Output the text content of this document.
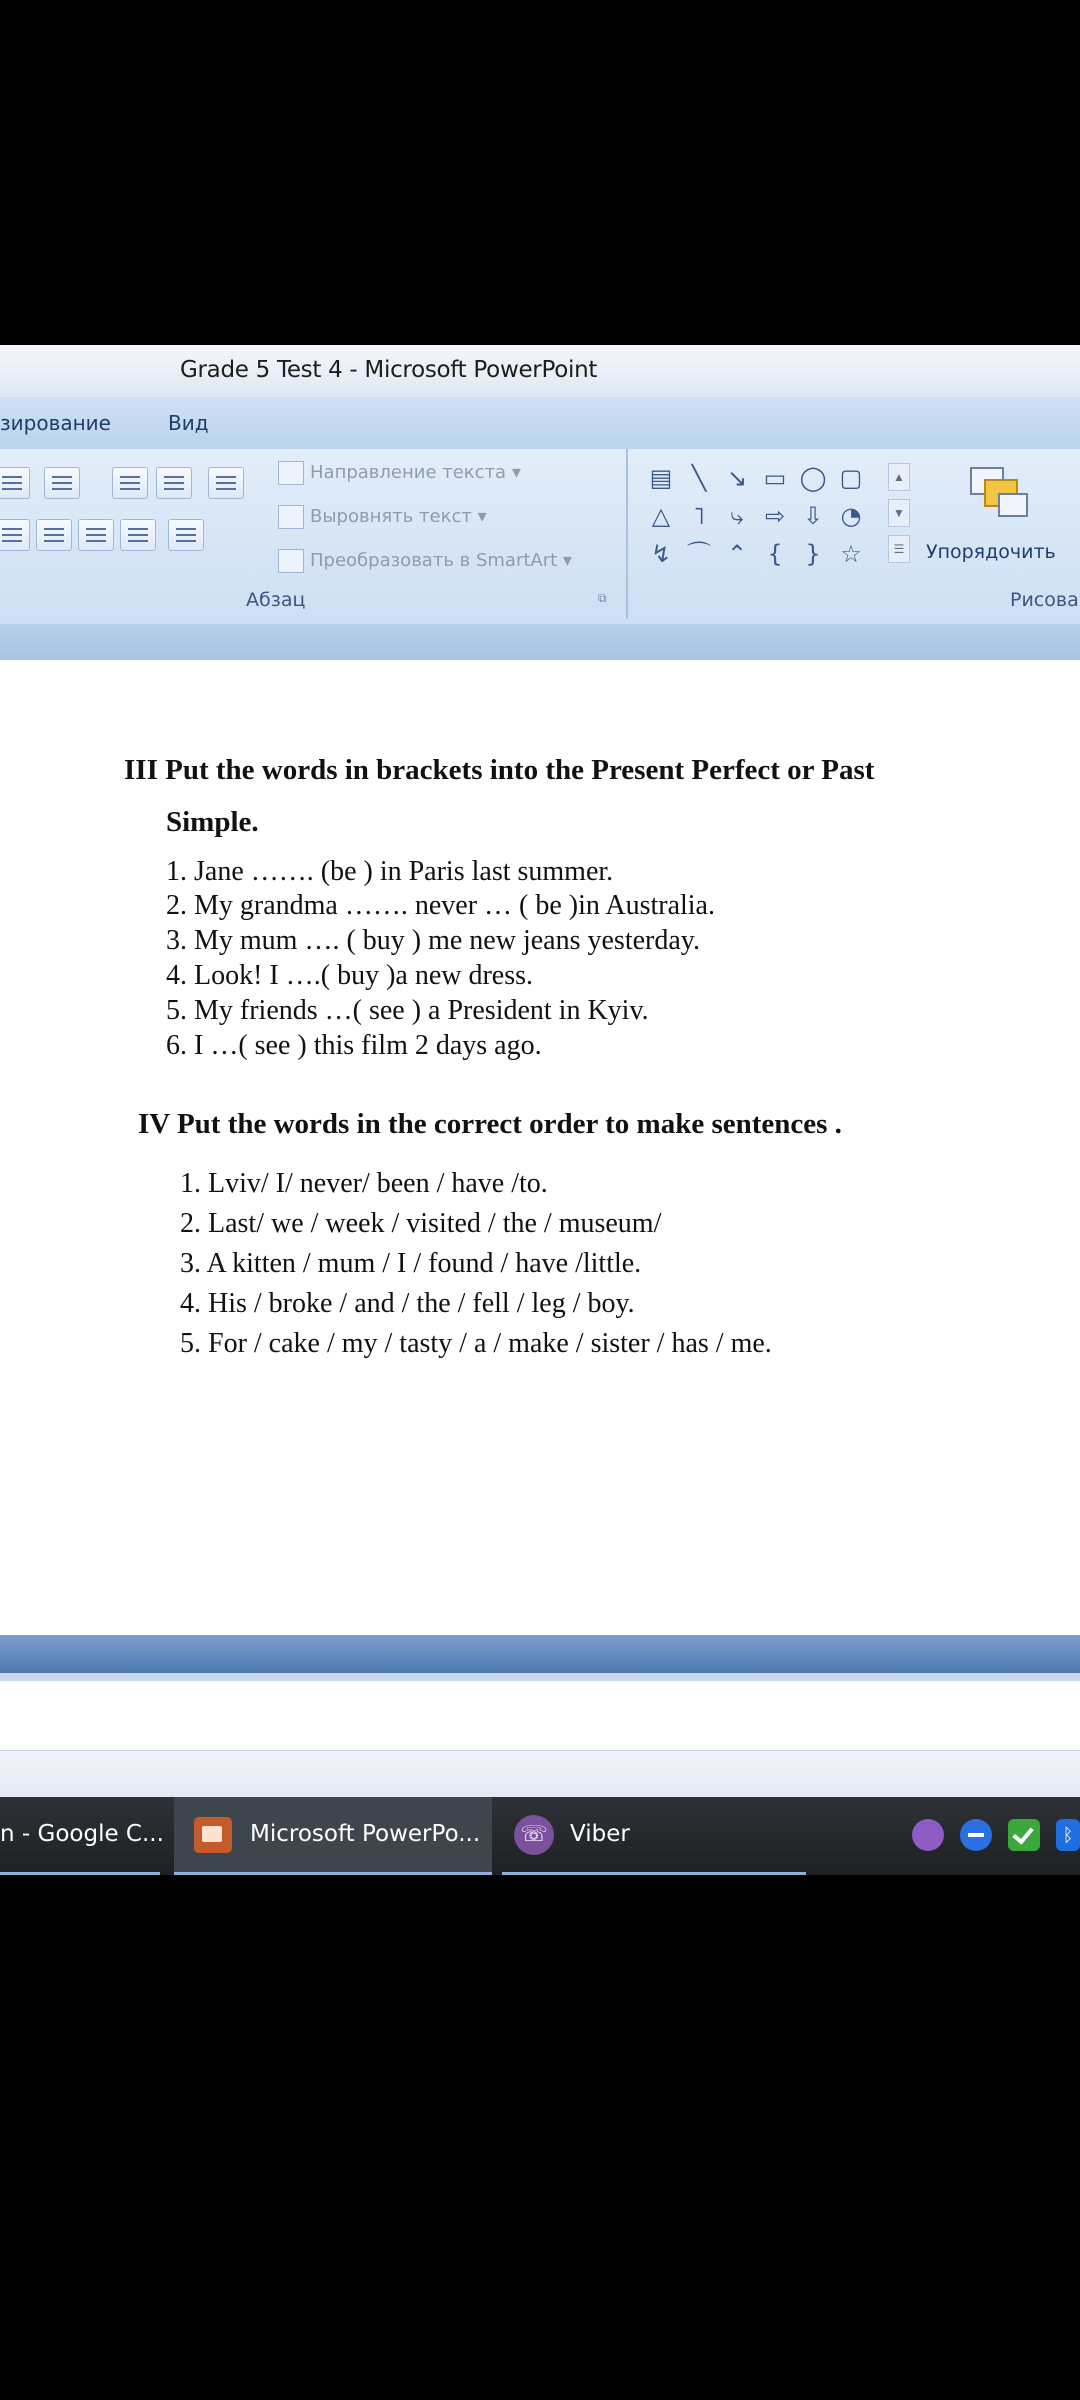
Grade 5 Test 4 - Microsoft PowerPoint
зирование	Вид
Направление текста ▾
Выровнять текст ▾
Преобразовать в SmartArt ▾
Абзац	⧉
▤ ╲ ↘ ▭ ◯ ▢
△ ˥	⤷ ⇨ ⇩ ◔
↯ ⌒ ⌃ { } ☆
▲
▼
☰ Упорядочить
Рисова
III Put the words in brackets into the Present Perfect or Past
Simple.
1. Jane ……. (be ) in Paris last summer.
2. My grandma ……. never … ( be )in Australia.
3. My mum …. ( buy ) me new jeans yesterday.
4. Look! I ….( buy )a new dress.
5. My friends …( see ) a President in Kyiv.
6. I …( see ) this film 2 days ago.
IV Put the words in the correct order to make sentences .
1. Lviv/ I/ never/ been / have /to.
2. Last/ we / week / visited / the / museum/
3. A kitten / mum / I / found / have /little.
4. His / broke / and / the / fell / leg / boy.
5. For / cake / my / tasty / a / make / sister / has / me.
n - Google C...	Microsoft PowerPo... ☏ Viber	ᛒ
